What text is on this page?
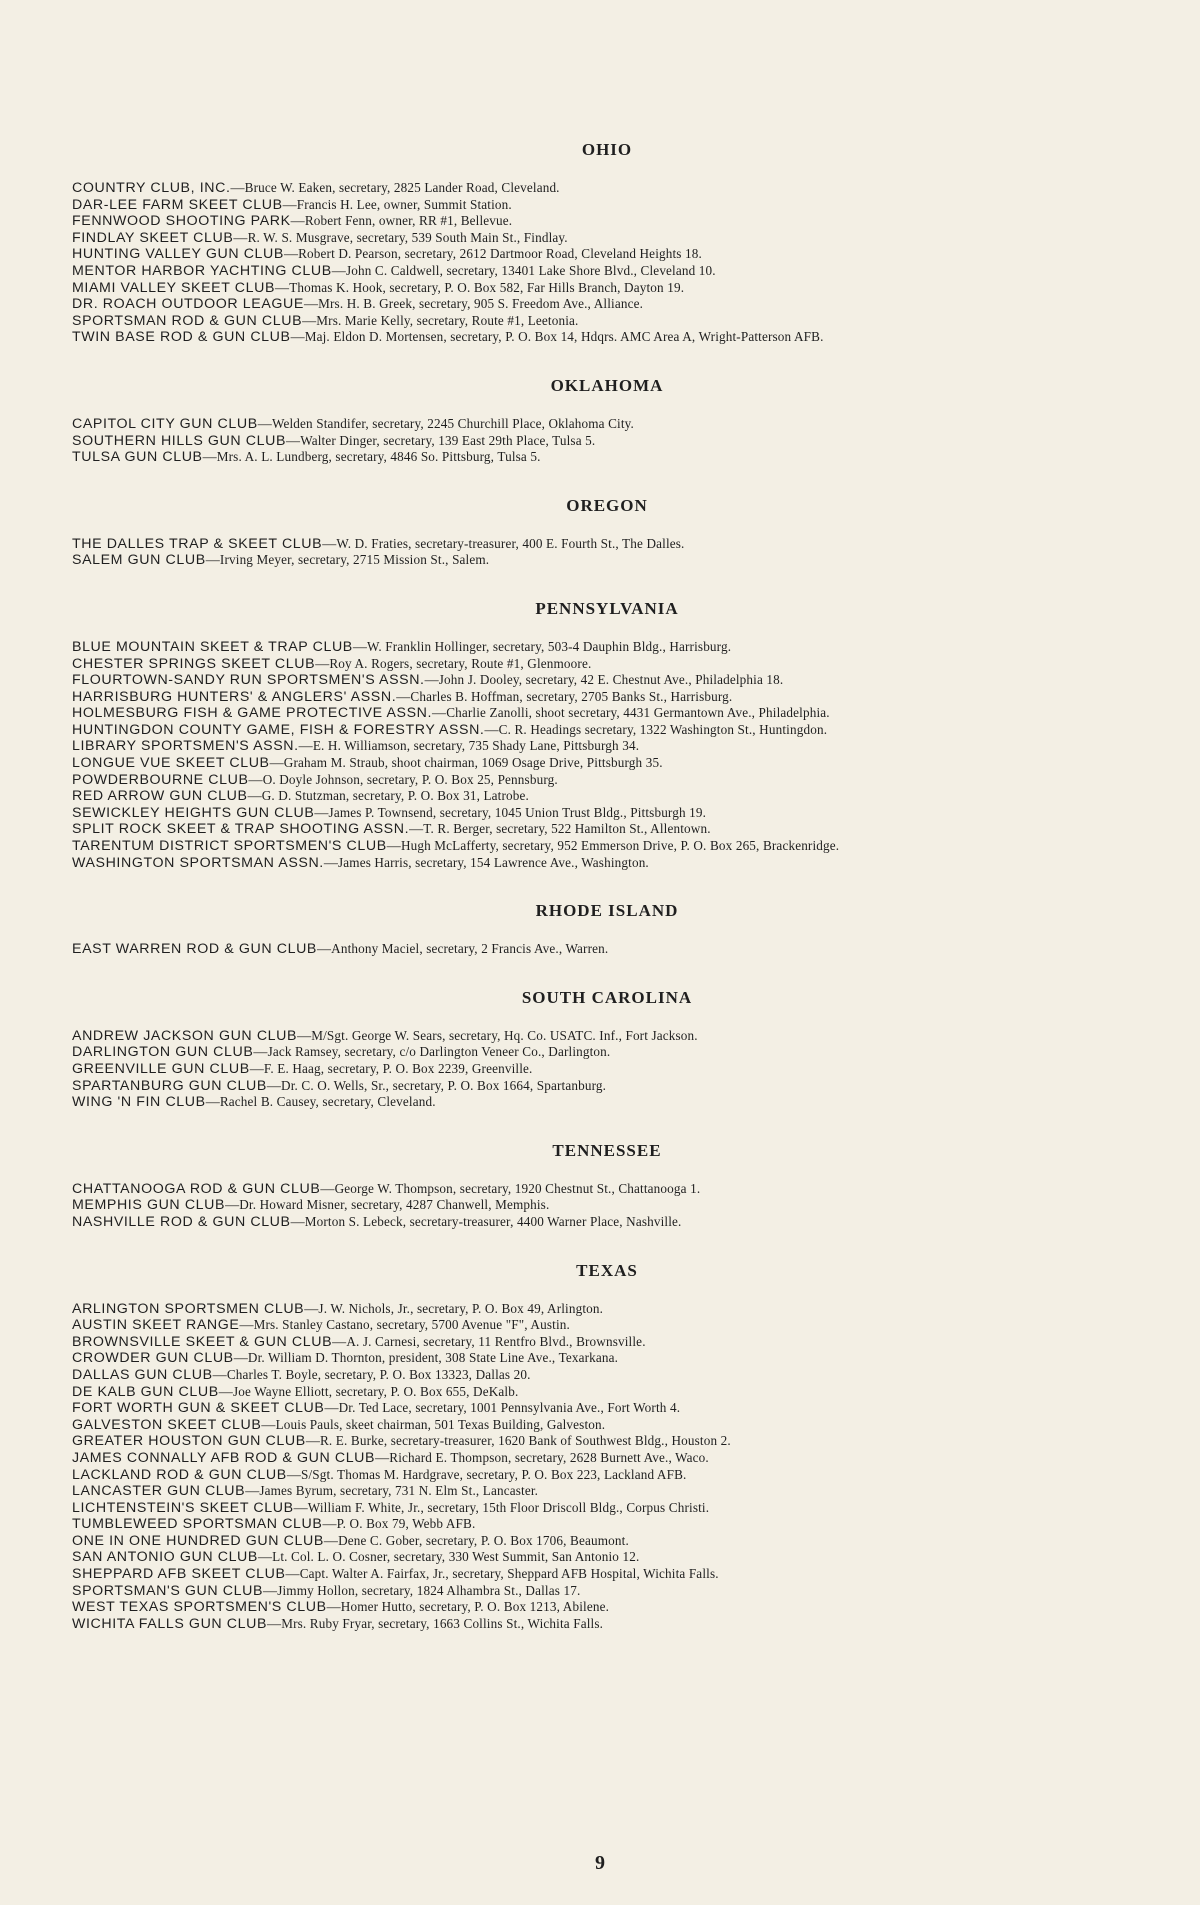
OHIO
COUNTRY CLUB, INC.—Bruce W. Eaken, secretary, 2825 Lander Road, Cleveland.
DAR-LEE FARM SKEET CLUB—Francis H. Lee, owner, Summit Station.
FENNWOOD SHOOTING PARK—Robert Fenn, owner, RR #1, Bellevue.
FINDLAY SKEET CLUB—R. W. S. Musgrave, secretary, 539 South Main St., Findlay.
HUNTING VALLEY GUN CLUB—Robert D. Pearson, secretary, 2612 Dartmoor Road, Cleveland Heights 18.
MENTOR HARBOR YACHTING CLUB—John C. Caldwell, secretary, 13401 Lake Shore Blvd., Cleveland 10.
MIAMI VALLEY SKEET CLUB—Thomas K. Hook, secretary, P. O. Box 582, Far Hills Branch, Dayton 19.
DR. ROACH OUTDOOR LEAGUE—Mrs. H. B. Greek, secretary, 905 S. Freedom Ave., Alliance.
SPORTSMAN ROD & GUN CLUB—Mrs. Marie Kelly, secretary, Route #1, Leetonia.
TWIN BASE ROD & GUN CLUB—Maj. Eldon D. Mortensen, secretary, P. O. Box 14, Hdqrs. AMC Area A, Wright-Patterson AFB.
OKLAHOMA
CAPITOL CITY GUN CLUB—Welden Standifer, secretary, 2245 Churchill Place, Oklahoma City.
SOUTHERN HILLS GUN CLUB—Walter Dinger, secretary, 139 East 29th Place, Tulsa 5.
TULSA GUN CLUB—Mrs. A. L. Lundberg, secretary, 4846 So. Pittsburg, Tulsa 5.
OREGON
THE DALLES TRAP & SKEET CLUB—W. D. Fraties, secretary-treasurer, 400 E. Fourth St., The Dalles.
SALEM GUN CLUB—Irving Meyer, secretary, 2715 Mission St., Salem.
PENNSYLVANIA
BLUE MOUNTAIN SKEET & TRAP CLUB—W. Franklin Hollinger, secretary, 503-4 Dauphin Bldg., Harrisburg.
CHESTER SPRINGS SKEET CLUB—Roy A. Rogers, secretary, Route #1, Glenmoore.
FLOURTOWN-SANDY RUN SPORTSMEN'S ASSN.—John J. Dooley, secretary, 42 E. Chestnut Ave., Philadelphia 18.
HARRISBURG HUNTERS' & ANGLERS' ASSN.—Charles B. Hoffman, secretary, 2705 Banks St., Harrisburg.
HOLMESBURG FISH & GAME PROTECTIVE ASSN.—Charlie Zanolli, shoot secretary, 4431 Germantown Ave., Philadelphia.
HUNTINGDON COUNTY GAME, FISH & FORESTRY ASSN.—C. R. Headings secretary, 1322 Washington St., Huntingdon.
LIBRARY SPORTSMEN'S ASSN.—E. H. Williamson, secretary, 735 Shady Lane, Pittsburgh 34.
LONGUE VUE SKEET CLUB—Graham M. Straub, shoot chairman, 1069 Osage Drive, Pittsburgh 35.
POWDERBOURNE CLUB—O. Doyle Johnson, secretary, P. O. Box 25, Pennsburg.
RED ARROW GUN CLUB—G. D. Stutzman, secretary, P. O. Box 31, Latrobe.
SEWICKLEY HEIGHTS GUN CLUB—James P. Townsend, secretary, 1045 Union Trust Bldg., Pittsburgh 19.
SPLIT ROCK SKEET & TRAP SHOOTING ASSN.—T. R. Berger, secretary, 522 Hamilton St., Allentown.
TARENTUM DISTRICT SPORTSMEN'S CLUB—Hugh McLafferty, secretary, 952 Emmerson Drive, P. O. Box 265, Brackenridge.
WASHINGTON SPORTSMAN ASSN.—James Harris, secretary, 154 Lawrence Ave., Washington.
RHODE ISLAND
EAST WARREN ROD & GUN CLUB—Anthony Maciel, secretary, 2 Francis Ave., Warren.
SOUTH CAROLINA
ANDREW JACKSON GUN CLUB—M/Sgt. George W. Sears, secretary, Hq. Co. USATC. Inf., Fort Jackson.
DARLINGTON GUN CLUB—Jack Ramsey, secretary, c/o Darlington Veneer Co., Darlington.
GREENVILLE GUN CLUB—F. E. Haag, secretary, P. O. Box 2239, Greenville.
SPARTANBURG GUN CLUB—Dr. C. O. Wells, Sr., secretary, P. O. Box 1664, Spartanburg.
WING 'N FIN CLUB—Rachel B. Causey, secretary, Cleveland.
TENNESSEE
CHATTANOOGA ROD & GUN CLUB—George W. Thompson, secretary, 1920 Chestnut St., Chattanooga 1.
MEMPHIS GUN CLUB—Dr. Howard Misner, secretary, 4287 Chanwell, Memphis.
NASHVILLE ROD & GUN CLUB—Morton S. Lebeck, secretary-treasurer, 4400 Warner Place, Nashville.
TEXAS
ARLINGTON SPORTSMEN CLUB—J. W. Nichols, Jr., secretary, P. O. Box 49, Arlington.
AUSTIN SKEET RANGE—Mrs. Stanley Castano, secretary, 5700 Avenue "F", Austin.
BROWNSVILLE SKEET & GUN CLUB—A. J. Carnesi, secretary, 11 Rentfro Blvd., Brownsville.
CROWDER GUN CLUB—Dr. William D. Thornton, president, 308 State Line Ave., Texarkana.
DALLAS GUN CLUB—Charles T. Boyle, secretary, P. O. Box 13323, Dallas 20.
DE KALB GUN CLUB—Joe Wayne Elliott, secretary, P. O. Box 655, DeKalb.
FORT WORTH GUN & SKEET CLUB—Dr. Ted Lace, secretary, 1001 Pennsylvania Ave., Fort Worth 4.
GALVESTON SKEET CLUB—Louis Pauls, skeet chairman, 501 Texas Building, Galveston.
GREATER HOUSTON GUN CLUB—R. E. Burke, secretary-treasurer, 1620 Bank of Southwest Bldg., Houston 2.
JAMES CONNALLY AFB ROD & GUN CLUB—Richard E. Thompson, secretary, 2628 Burnett Ave., Waco.
LACKLAND ROD & GUN CLUB—S/Sgt. Thomas M. Hardgrave, secretary, P. O. Box 223, Lackland AFB.
LANCASTER GUN CLUB—James Byrum, secretary, 731 N. Elm St., Lancaster.
LICHTENSTEIN'S SKEET CLUB—William F. White, Jr., secretary, 15th Floor Driscoll Bldg., Corpus Christi.
TUMBLEWEED SPORTSMAN CLUB—P. O. Box 79, Webb AFB.
ONE IN ONE HUNDRED GUN CLUB—Dene C. Gober, secretary, P. O. Box 1706, Beaumont.
SAN ANTONIO GUN CLUB—Lt. Col. L. O. Cosner, secretary, 330 West Summit, San Antonio 12.
SHEPPARD AFB SKEET CLUB—Capt. Walter A. Fairfax, Jr., secretary, Sheppard AFB Hospital, Wichita Falls.
SPORTSMAN'S GUN CLUB—Jimmy Hollon, secretary, 1824 Alhambra St., Dallas 17.
WEST TEXAS SPORTSMEN'S CLUB—Homer Hutto, secretary, P. O. Box 1213, Abilene.
WICHITA FALLS GUN CLUB—Mrs. Ruby Fryar, secretary, 1663 Collins St., Wichita Falls.
9
